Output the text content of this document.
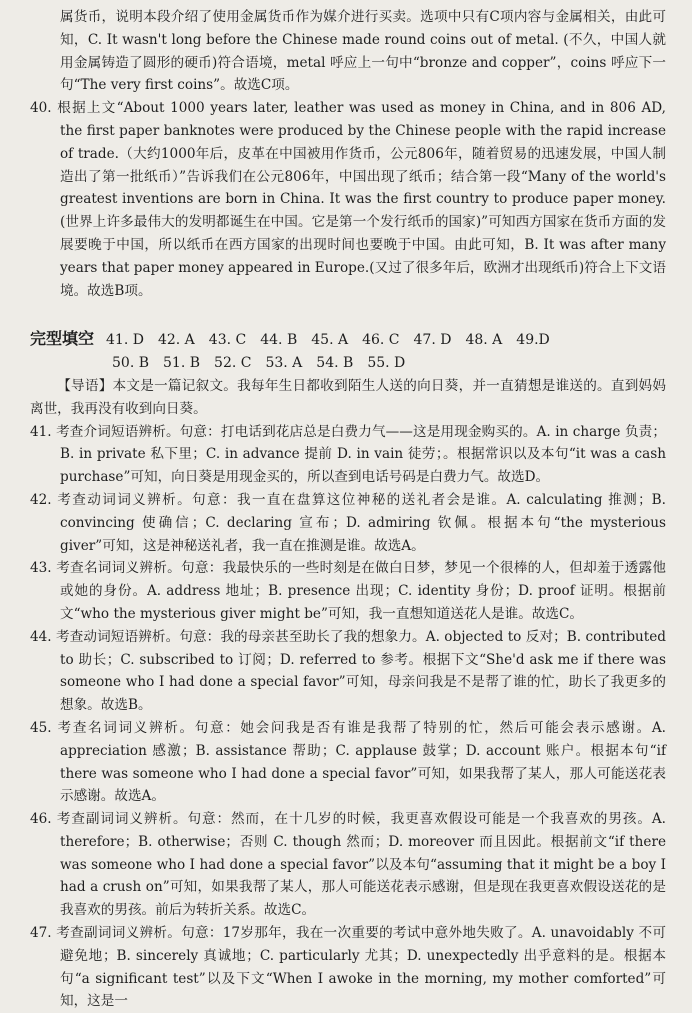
属货币，说明本段介绍了使用金属货币作为媒介进行买卖。选项中只有C项内容与金属相关，由此可知，C. It wasn't long before the Chinese made round coins out of metal. (不久，中国人就用金属铸造了圆形的硬币)符合语境，metal 呼应上一句中“bronze and copper”，coins 呼应下一句“The very first coins”。故选C项。

40. 根据上文“About 1000 years later, leather was used as money in China, and in 806 AD, the first paper banknotes were produced by the Chinese people with the rapid increase of trade.（大约1000年后，皮革在中国被用作货币，公元806年，随着贸易的迅速发展，中国人制造出了第一批纸币）”告诉我们在公元806年，中国出现了纸币；结合第一段“Many of the world's greatest inventions are born in China. It was the first country to produce paper money.(世界上许多最伟大的发明都诞生在中国。它是第一个发行纸币的国家)”可知西方国家在货币方面的发展要晚于中国，所以纸币在西方国家的出现时间也要晚于中国。由此可知，B. It was after many years that paper money appeared in Europe.(又过了很多年后，欧洲才出现纸币)符合上下文语境。故选B项。

完型填空 41. D 42. A 43. C 44. B 45. A 46. C 47. D 48. A 49.D

50. B 51. B 52. C 53. A 54. B 55. D

【导语】本文是一篇记叙文。我每年生日都收到陌生人送的向日葵，并一直猜想是谁送的。直到妈妈离世，我再没有收到向日葵。

41. 考查介词短语辨析。句意：打电话到花店总是白费力气——这是用现金购买的。A. in charge 负责；B. in private 私下里；C. in advance 提前 D. in vain 徒劳；。根据常识以及本句“it was a cash purchase”可知，向日葵是用现金买的，所以查到电话号码是白费力气。故选D。

42. 考查动词词义辨析。句意：我一直在盘算这位神秘的送礼者会是谁。A. calculating 推测；B. convincing 使确信；C. declaring 宣布；D. admiring 钦佩。根据本句“the mysterious giver”可知，这是神秘送礼者，我一直在推测是谁。故选A。

43. 考查名词词义辨析。句意：我最快乐的一些时刻是在做白日梦，梦见一个很棒的人，但却羞于透露他或她的身份。A. address 地址；B. presence 出现；C. identity 身份；D. proof 证明。根据前文“who the mysterious giver might be”可知，我一直想知道送花人是谁。故选C。

44. 考查动词短语辨析。句意：我的母亲甚至助长了我的想象力。A. objected to 反对；B. contributed to 助长；C. subscribed to 订阅；D. referred to 参考。根据下文“She'd ask me if there was someone who I had done a special favor”可知，母亲问我是不是帮了谁的忙，助长了我更多的想象。故选B。

45. 考查名词词义辨析。句意：她会问我是否有谁是我帮了特别的忙，然后可能会表示感谢。A. appreciation 感激；B. assistance 帮助；C. applause 鼓掌；D. account 账户。根据本句“if there was someone who I had done a special favor”可知，如果我帮了某人，那人可能送花表示感谢。故选A。

46. 考查副词词义辨析。句意：然而，在十几岁的时候，我更喜欢假设可能是一个我喜欢的男孩。A. therefore；B. otherwise；否则 C. though 然而；D. moreover 而且因此。根据前文“if there was someone who I had done a special favor”以及本句“assuming that it might be a boy I had a crush on”可知，如果我帮了某人，那人可能送花表示感谢，但是现在我更喜欢假设送花的是我喜欢的男孩。前后为转折关系。故选C。

47. 考查副词词义辨析。句意：17岁那年，我在一次重要的考试中意外地失败了。A. unavoidably 不可避免地；B. sincerely 真诚地；C. particularly 尤其；D. unexpectedly 出乎意料的是。根据本句“a significant test”以及下文“When I awoke in the morning, my mother comforted”可知，这是一
